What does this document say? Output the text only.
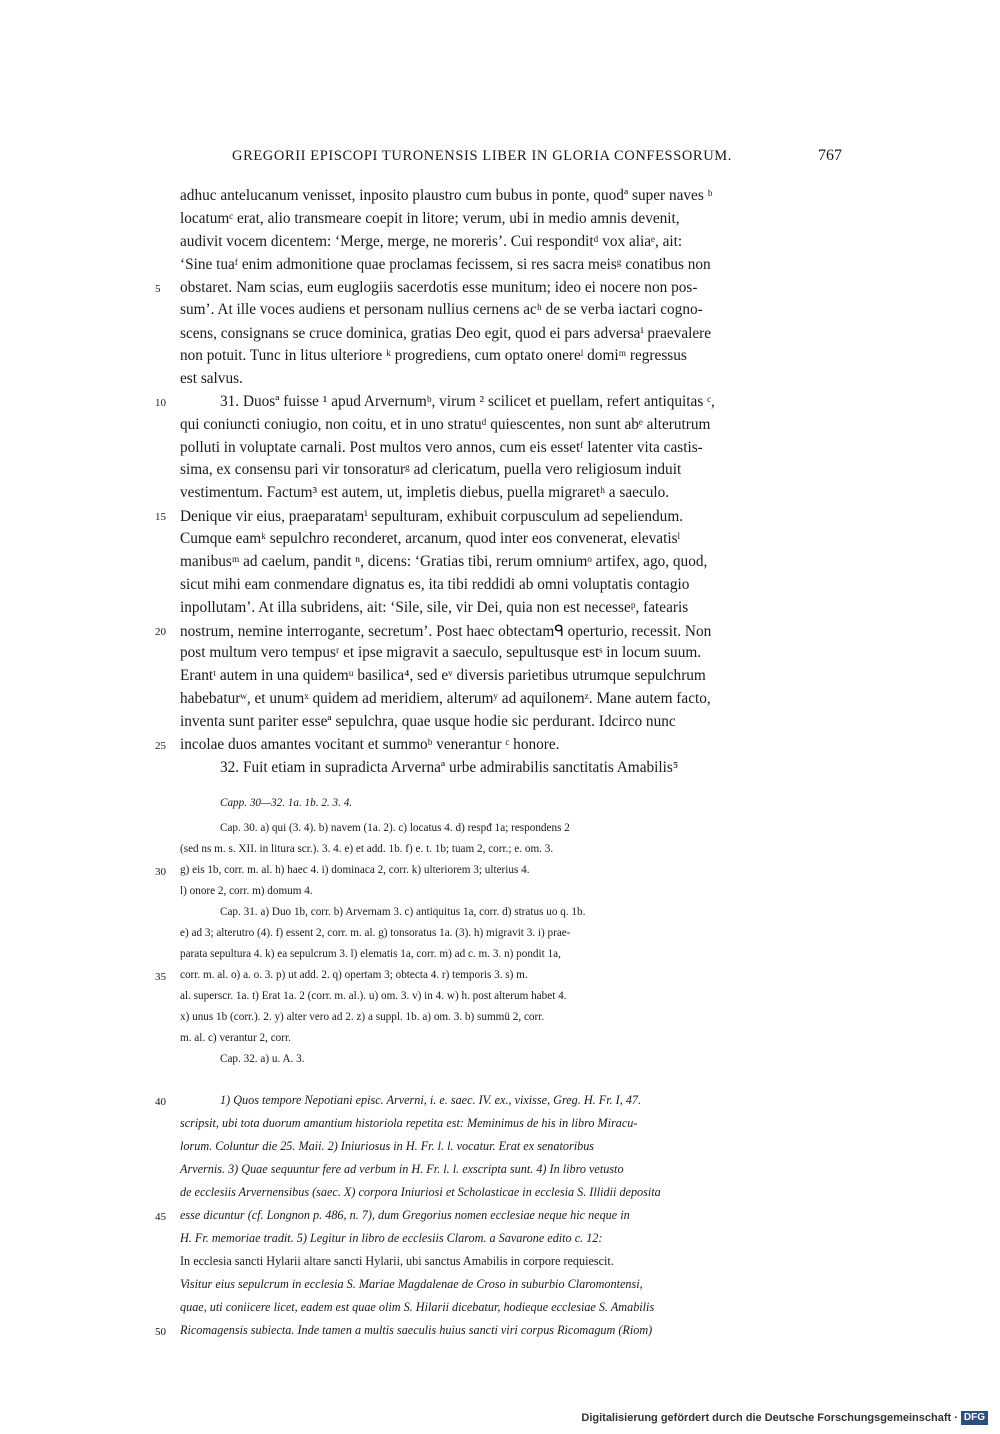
GREGORII EPISCOPI TURONENSIS LIBER IN GLORIA CONFESSORUM.	767
adhuc antelucanum venisset, inposito plaustro cum bubus in ponte, quodª super naves ᵇ
locatumᶜ erat, alio transmeare coepit in litore; verum, ubi in medio amnis devenit,
audivit vocem dicentem: ‘Merge, merge, ne moreris’. Cui responditᵈ vox aliaᵉ, ait:
‘Sine tuaᶠ enim admonitione quae proclamas fecissem, si res sacra meisᵍ conatibus non
obstaret. Nam scias, eum euglogiis sacerdotis esse munitum; ideo ei nocere non pos-
sum’. At ille voces audiens et personam nullius cernens acʰ de se verba iactari cogno-
scens, consignans se cruce dominica, gratias Deo egit, quod ei pars adversaⁱ praevalere
non potuit. Tunc in litus ulteriore ᵏ progrediens, cum optato onereˡ domiᵐ regressus
est salvus.
31. Duosª fuisse ¹ apud Arvernumᵇ, virum ² scilicet et puellam, refert antiquitas ᶜ,
qui coniuncti coniugio, non coitu, et in uno stratuᵈ quiescentes, non sunt abᵉ alterutrum
polluti in voluptate carnali. Post multos vero annos, cum eis essetᶠ latenter vita castis-
sima, ex consensu pari vir tonsoraturᵍ ad clericatum, puella vero religiosum induit
vestimentum. Factum³ est autem, ut, impletis diebus, puella migraretʰ a saeculo.
Denique vir eius, praeparatamⁱ sepulturam, exhibuit corpusculum ad sepeliendum.
Cumque eamᵏ sepulchro reconderet, arcanum, quod inter eos convenerat, elevatisˡ
manibusᵐ ad caelum, pandit ⁿ, dicens: ‘Gratias tibi, rerum omniumᵒ artifex, ago, quod,
sicut mihi eam conmendare dignatus es, ita tibi reddidi ab omni voluptatis contagio
inpollutam’. At illa subridens, ait: ‘Sile, sile, vir Dei, quia non est necesseᵖ, fatearis
nostrum, nemine interrogante, secretum’. Post haec obtectamᑫ operturio, recessit. Non
post multum vero tempusʳ et ipse migravit a saeculo, sepultusque estˢ in locum suum.
Erantᵗ autem in una quidemᵘ basilica⁴, sed eᵛ diversis parietibus utrumque sepulchrum
habebaturʷ, et unumˣ quidem ad meridiem, alterumʸ ad aquilonemᶻ. Mane autem facto,
inventa sunt pariter esseª sepulchra, quae usque hodie sic perdurant. Idcirco nunc
incolae duos amantes vocitant et summoᵇ venerantur ᶜ honore.
32. Fuit etiam in supradicta Arvernaª urbe admirabilis sanctitatis Amabilis⁵
Capp. 30—32. 1a. 1b. 2. 3. 4.
Cap. 30. a) qui (3. 4). b) navem (1a. 2). c) locatus 4. d) respđ 1a; respondens 2
(sed ns m. s. XII. in litura scr.). 3. 4. e) et add. 1b. f) e. t. 1b; tuam 2, corr.; e. om. 3.
g) eis 1b, corr. m. al. h) haec 4. i) dominaca 2, corr. k) ulteriorem 3; ulterius 4.
l) onore 2, corr. m) domum 4.
Cap. 31. a) Duo 1b, corr. b) Arvernam 3. c) antiquitus 1a, corr. d) stratus uo q. 1b.
e) ad 3; alterutro (4). f) essent 2, corr. m. al. g) tonsoratus 1a. (3). h) migravit 3. i) prae-
parata sepultura 4. k) ea sepulcrum 3. l) elematis 1a, corr. m) ad c. m. 3. n) pondit 1a,
corr. m. al. o) a. o. 3. p) ut add. 2. q) opertam 3; obtecta 4. r) temporis 3. s) m.
al. superscr. 1a. t) Erat 1a. 2 (corr. m. al.). u) om. 3. v) in 4. w) h. post alterum habet 4.
x) unus 1b (corr.). 2. y) alter vero ad 2. z) a suppl. 1b. a) om. 3. b) summü 2, corr.
m. al. c) verantur 2, corr.
Cap. 32. a) u. A. 3.
1) Quos tempore Nepotiani episc. Arverni, i. e. saec. IV. ex., vixisse, Greg. H. Fr. I, 47.
scripsit, ubi tota duorum amantium historiola repetita est: Meminimus de his in libro Miracu-
lorum. Coluntur die 25. Maii. 2) Iniuriosus in H. Fr. l. l. vocatur. Erat ex senatoribus
Arvernis. 3) Quae sequuntur fere ad verbum in H. Fr. l. l. exscripta sunt. 4) In libro vetusto
de ecclesiis Arvernensibus (saec. X) corpora Iniuriosi et Scholasticae in ecclesia S. Illidii deposita
esse dicuntur (cf. Longnon p. 486, n. 7), dum Gregorius nomen ecclesiae neque hic neque in
H. Fr. memoriae tradit. 5) Legitur in libro de ecclesiis Clarom. a Savarone edito c. 12:
In ecclesia sancti Hylarii altare sancti Hylarii, ubi sanctus Amabilis in corpore requiescit.
Visitur eius sepulcrum in ecclesia S. Mariae Magdalenae de Croso in suburbio Claromontensi,
quae, uti coniicere licet, eadem est quae olim S. Hilarii dicebatur, hodieque ecclesiae S. Amabilis
Ricomagensis subiecta. Inde tamen a multis saeculis huius sancti viri corpus Ricomagum (Riom)
5
10
15
20
25
30
35
40
45
50
Digitalisierung gefördert durch die Deutsche Forschungsgemeinschaft · DFG
